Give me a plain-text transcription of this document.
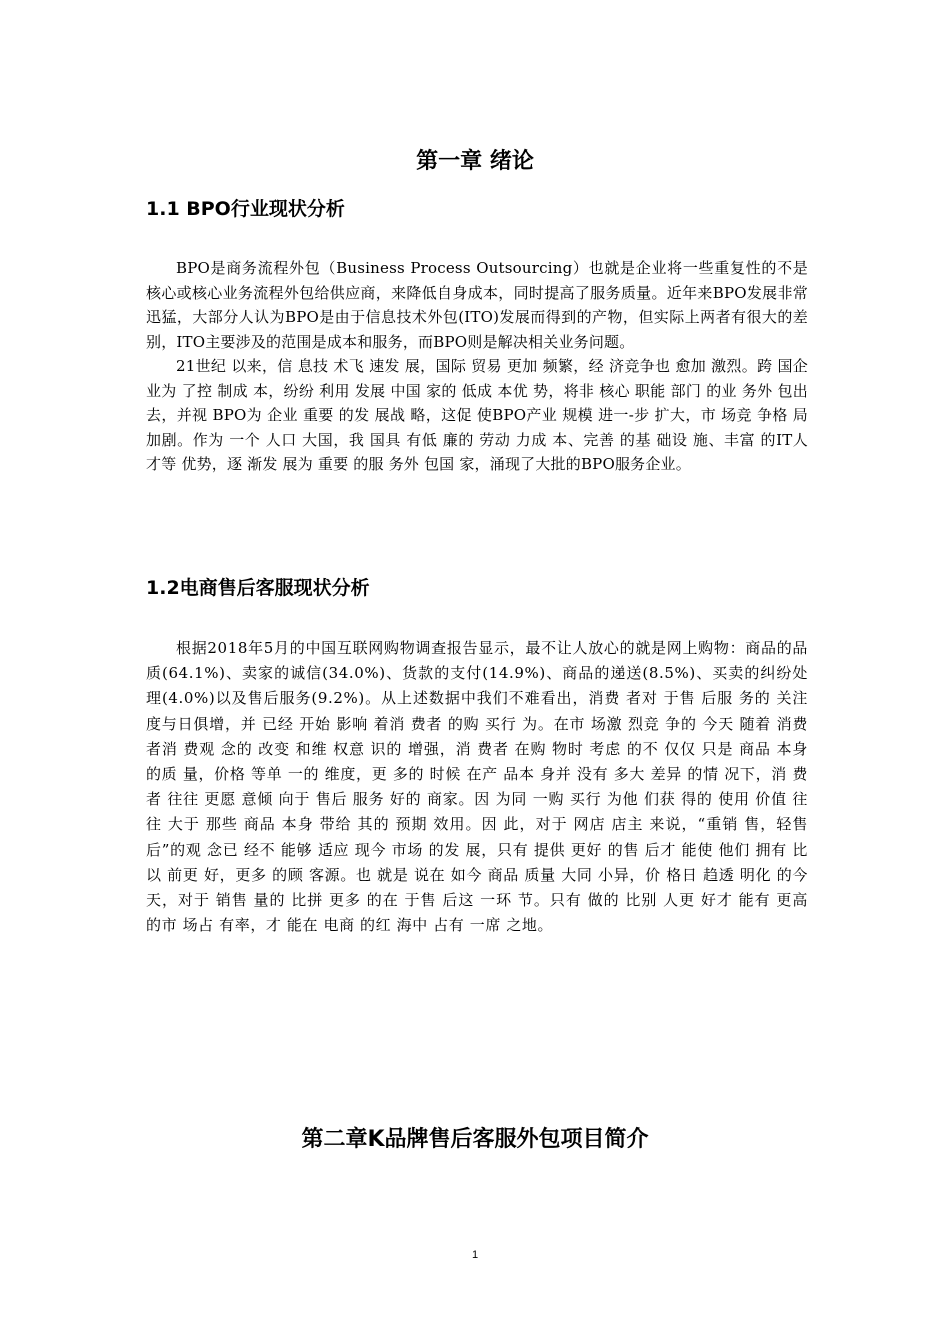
第一章 绪论
1.1 BPO行业现状分析

BPO是商务流程外包（Business Process Outsourcing）也就是企业将一些重复性的不是核心或核心业务流程外包给供应商，来降低自身成本，同时提高了服务质量。近年来BPO发展非常迅猛，大部分人认为BPO是由于信息技术外包(ITO)发展而得到的产物，但实际上两者有很大的差别，ITO主要涉及的范围是成本和服务，而BPO则是解决相关业务问题。

21世纪 以来，信 息技 术飞 速发 展，国际 贸易 更加 频繁，经 济竞争也 愈加 激烈。跨 国企 业为 了控 制成 本，纷纷 利用 发展 中国 家的 低成 本优 势，将非 核心 职能 部门 的业 务外 包出 去，并视 BPO为 企业 重要 的发 展战 略，这促 使BPO产业 规模 进一-步 扩大，市 场竞 争格 局加剧。作为 一个 人口 大国，我 国具 有低 廉的 劳动 力成 本、完善 的基 础设 施、丰富 的IT人 才等 优势，逐 渐发 展为 重要 的服 务外 包国 家，涌现了大批的BPO服务企业。

1.2电商售后客服现状分析

根据2018年5月的中国互联网购物调查报告显示，最不让人放心的就是网上购物：商品的品质(64.1%)、卖家的诚信(34.0%)、货款的支付(14.9%)、商品的递送(8.5%)、买卖的纠纷处理(4.0%)以及售后服务(9.2%)。从上述数据中我们不难看出，消费 者对 于售 后服 务的 关注 度与日俱增，并 已经 开始 影响 着消 费者 的购 买行 为。在市 场激 烈竞 争的 今天 随着 消费 者消 费观 念的 改变 和维 权意 识的 增强，消 费者 在购 物时 考虑 的不 仅仅 只是 商品 本身 的质 量，价格 等单 一的 维度，更 多的 时候 在产 品本 身并 没有 多大 差异 的情 况下，消 费者 往往 更愿 意倾 向于 售后 服务 好的 商家。因 为同 一购 买行 为他 们获 得的 使用 价值 往往 大于 那些 商品 本身 带给 其的 预期 效用。因 此，对于 网店 店主 来说，“重销 售，轻售后”的观 念已 经不 能够 适应 现今 市场 的发 展，只有 提供 更好 的售 后才 能使 他们 拥有 比以 前更 好，更多 的顾 客源。也 就是 说在 如今 商品 质量 大同 小异，价 格日 趋透 明化 的今 天，对于 销售 量的 比拼 更多 的在 于售 后这 一环 节。只有 做的 比别 人更 好才 能有 更高 的市 场占 有率，才 能在 电商 的红 海中 占有 一席 之地。

第二章K品牌售后客服外包项目简介
1
